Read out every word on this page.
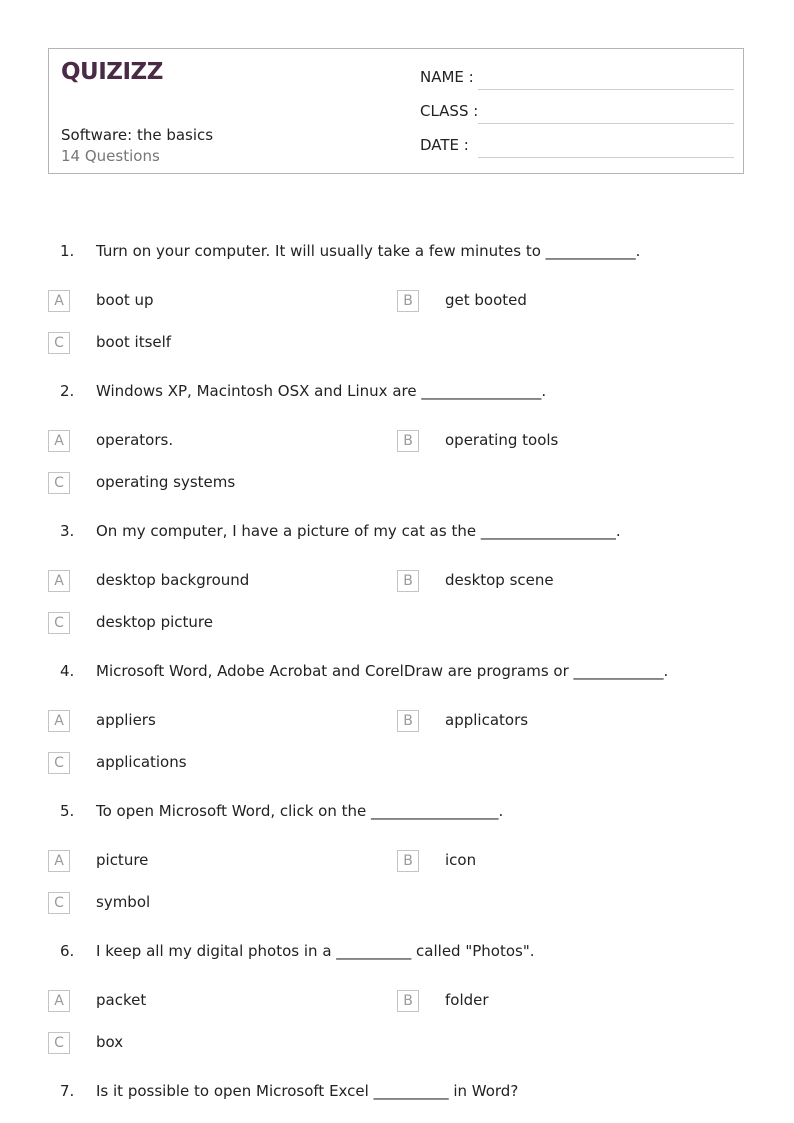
QUIZIZZ
Software: the basics
14 Questions
NAME :
CLASS :
DATE :
1. Turn on your computer. It will usually take a few minutes to ____________.
A	boot up	B	get booted
C	boot itself
2. Windows XP, Macintosh OSX and Linux are ________________.
A	operators.	B	operating tools
C	operating systems
3. On my computer, I have a picture of my cat as the __________________.
A	desktop background	B	desktop scene
C	desktop picture
4. Microsoft Word, Adobe Acrobat and CorelDraw are programs or ____________.
A	appliers	B	applicators
C	applications
5. To open Microsoft Word, click on the _________________.
A	picture	B	icon
C	symbol
6. I keep all my digital photos in a __________ called "Photos".
A	packet	B	folder
C	box
7. Is it possible to open Microsoft Excel __________ in Word?
